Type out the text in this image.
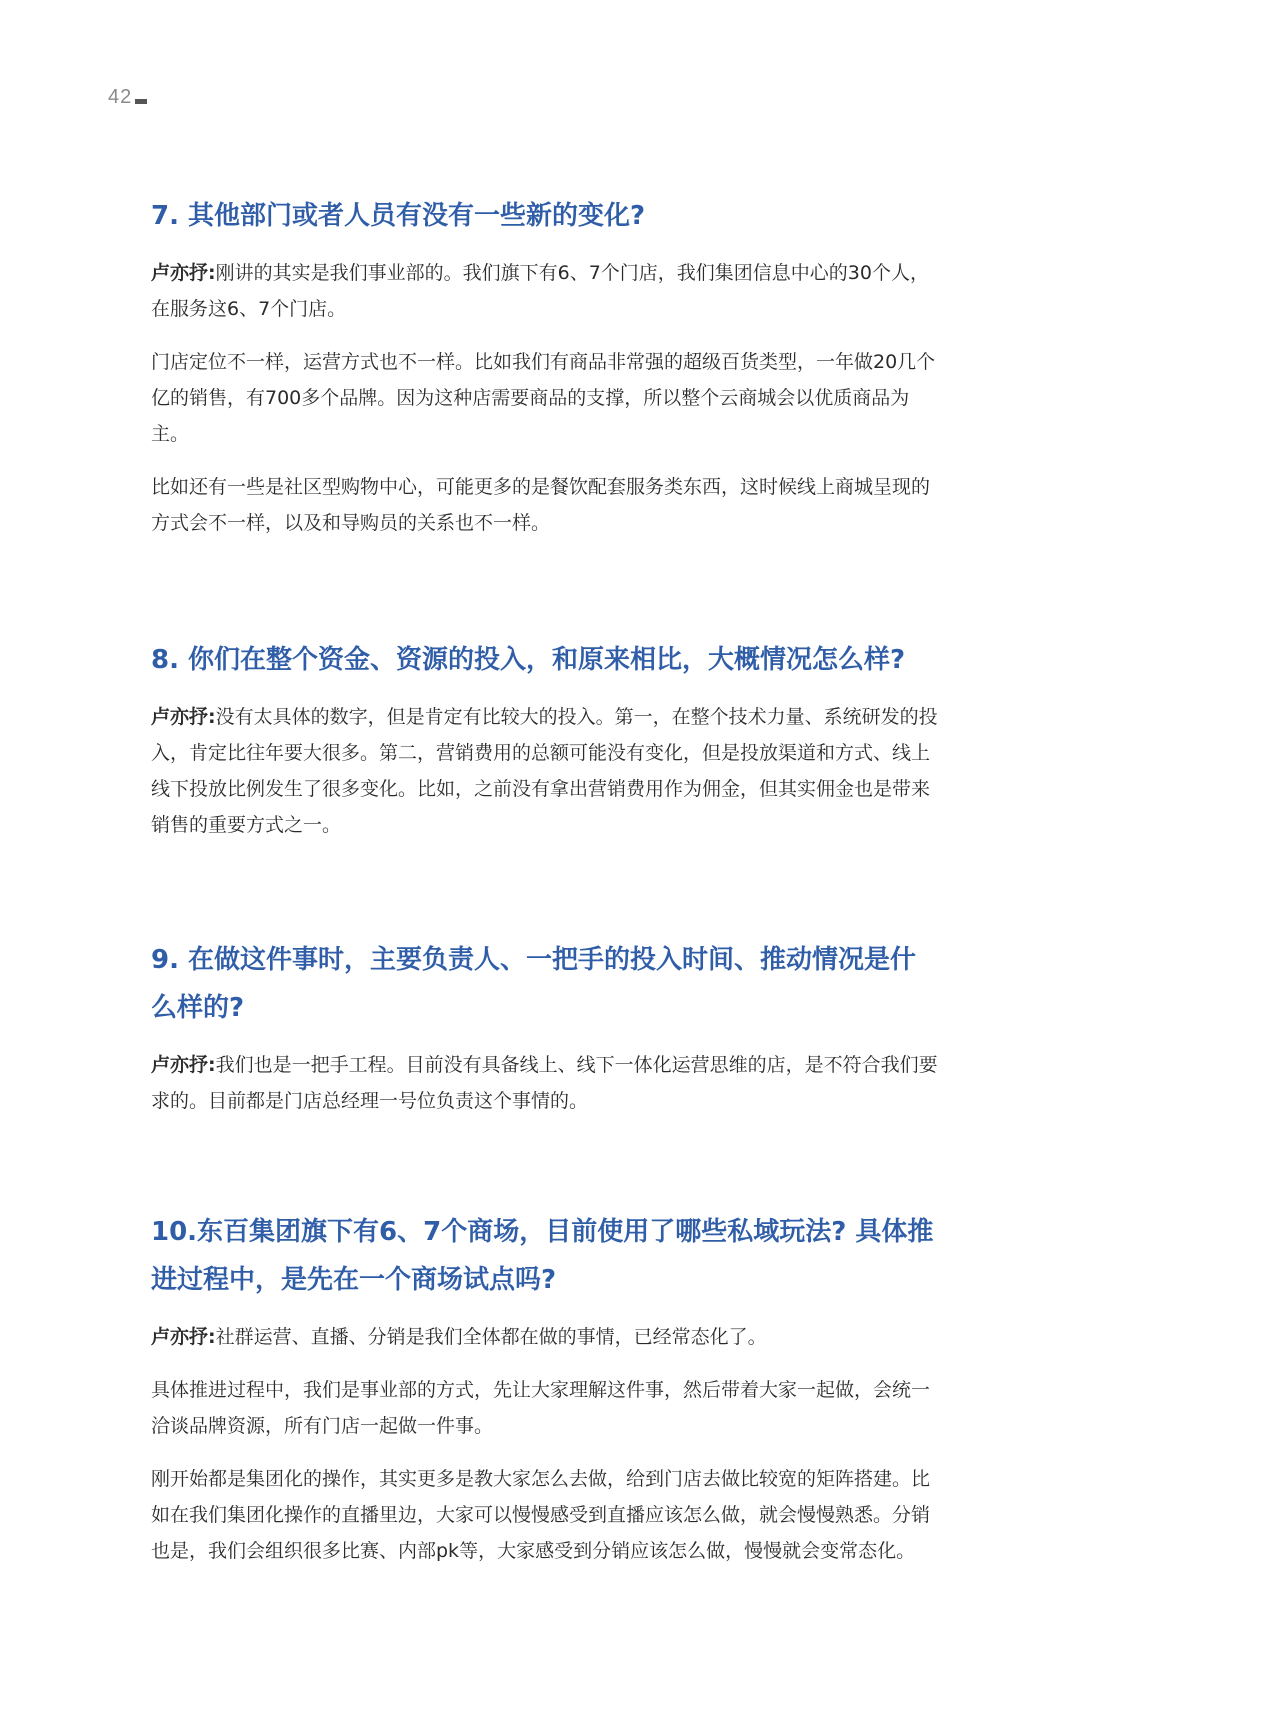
42
7. 其他部门或者人员有没有一些新的变化?

卢亦抒:刚讲的其实是我们事业部的。我们旗下有6、7个门店，我们集团信息中心的30个人，在服务这6、7个门店。

门店定位不一样，运营方式也不一样。比如我们有商品非常强的超级百货类型，一年做20几个亿的销售，有700多个品牌。因为这种店需要商品的支撑，所以整个云商城会以优质商品为主。

比如还有一些是社区型购物中心，可能更多的是餐饮配套服务类东西，这时候线上商城呈现的方式会不一样，以及和导购员的关系也不一样。

8. 你们在整个资金、资源的投入，和原来相比，大概情况怎么样?

卢亦抒:没有太具体的数字，但是肯定有比较大的投入。第一，在整个技术力量、系统研发的投入，肯定比往年要大很多。第二，营销费用的总额可能没有变化，但是投放渠道和方式、线上线下投放比例发生了很多变化。比如，之前没有拿出营销费用作为佣金，但其实佣金也是带来销售的重要方式之一。

9. 在做这件事时，主要负责人、一把手的投入时间、推动情况是什么样的?

卢亦抒:我们也是一把手工程。目前没有具备线上、线下一体化运营思维的店，是不符合我们要求的。目前都是门店总经理一号位负责这个事情的。

10.东百集团旗下有6、7个商场，目前使用了哪些私域玩法? 具体推进过程中，是先在一个商场试点吗?

卢亦抒:社群运营、直播、分销是我们全体都在做的事情，已经常态化了。

具体推进过程中，我们是事业部的方式，先让大家理解这件事，然后带着大家一起做，会统一洽谈品牌资源，所有门店一起做一件事。

刚开始都是集团化的操作，其实更多是教大家怎么去做，给到门店去做比较宽的矩阵搭建。比如在我们集团化操作的直播里边，大家可以慢慢感受到直播应该怎么做，就会慢慢熟悉。分销也是，我们会组织很多比赛、内部pk等，大家感受到分销应该怎么做，慢慢就会变常态化。
